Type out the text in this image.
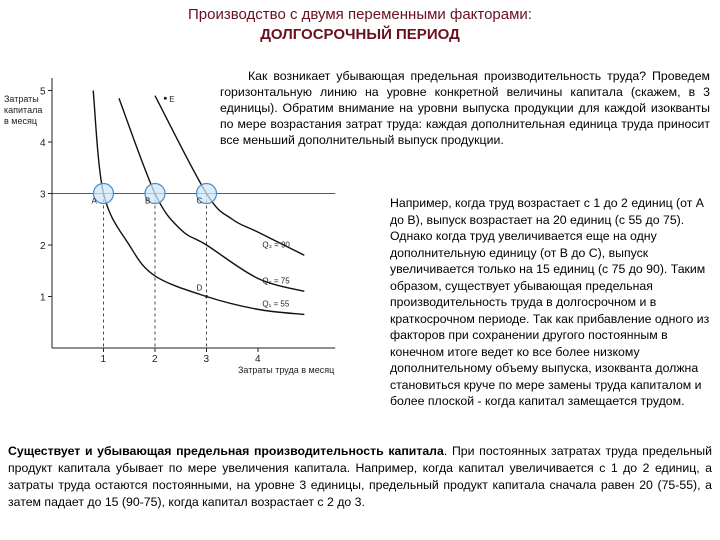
Производство с двумя переменными факторами:
ДОЛГОСРОЧНЫЙ ПЕРИОД
1	2	3	4
1
2
3
4
5
Q₁ = 55
Q₂ = 75
Q₃ = 90
A	B	C
D
E
Затраты
капитала
в месяц
Затраты труда в месяц
Как возникает убывающая предельная производительность труда? Проведем горизонтальную линию на уровне конкретной величины капитала (скажем, в 3 единицы). Обратим внимание на уровни выпуска продукции для каждой изокванты по мере возрастания затрат труда: каждая дополнительная единица труда приносит все меньший дополнительный выпуск продукции.
Например, когда труд возрастает с 1 до 2 единиц (от А до В), выпуск возрастает на 20 единиц (с 55 до 75). Однако когда труд увеличивается еще на одну дополнительную единицу (от В до С), выпуск увеличивается только на 15 единиц (с 75 до 90). Таким образом, существует убывающая предельная производительность труда в долгосрочном и в краткосрочном периоде. Так как прибавление одного из факторов при сохранении другого постоянным в конечном итоге ведет ко все более низкому дополнительному объему выпуска, изокванта должна становиться круче по мере замены труда капиталом и более плоской - когда капитал замещается трудом.
Существует и убывающая предельная производительность капитала. При постоянных затратах труда предельный продукт капитала убывает по мере увеличения капитала. Например, когда капитал увеличивается с 1 до 2 единиц, а затраты труда остаются постоянными, на уровне 3 единицы, предельный продукт капитала сначала равен 20 (75-55), а затем падает до 15 (90-75), когда капитал возрастает с 2 до 3.
